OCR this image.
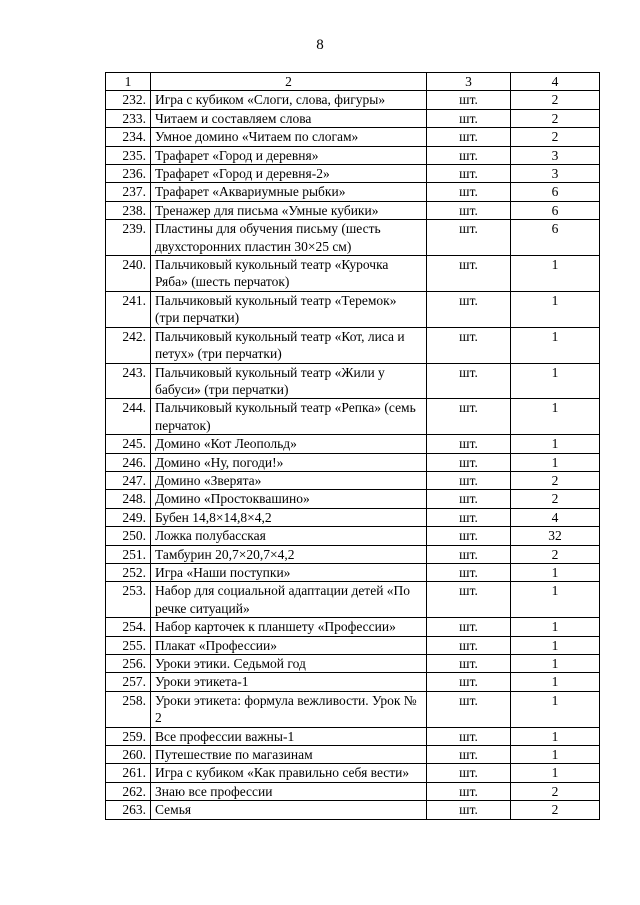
8
1	2	3	4
232.	Игра с кубиком «Слоги, слова, фигуры»	шт.	2
233.	Читаем и составляем слова	шт.	2
234.	Умное домино «Читаем по слогам»	шт.	2
235.	Трафарет «Город и деревня»	шт.	3
236.	Трафарет «Город и деревня-2»	шт.	3
237.	Трафарет «Аквариумные рыбки»	шт.	6
238.	Тренажер для письма «Умные кубики»	шт.	6
239.	Пластины для обучения письму (шесть двухсторонних пластин 30×25 см)	шт.	6
240.	Пальчиковый кукольный театр «Курочка Ряба» (шесть перчаток)	шт.	1
241.	Пальчиковый кукольный театр «Теремок» (три перчатки)	шт.	1
242.	Пальчиковый кукольный театр «Кот, лиса и петух» (три перчатки)	шт.	1
243.	Пальчиковый кукольный театр «Жили у бабуси» (три перчатки)	шт.	1
244.	Пальчиковый кукольный театр «Репка» (семь перчаток)	шт.	1
245.	Домино «Кот Леопольд»	шт.	1
246.	Домино «Ну, погоди!»	шт.	1
247.	Домино «Зверята»	шт.	2
248.	Домино «Простоквашино»	шт.	2
249.	Бубен 14,8×14,8×4,2	шт.	4
250.	Ложка полубасская	шт.	32
251.	Тамбурин 20,7×20,7×4,2	шт.	2
252.	Игра «Наши поступки»	шт.	1
253.	Набор для социальной адаптации детей «По речке ситуаций»	шт.	1
254.	Набор карточек к планшету «Профессии»	шт.	1
255.	Плакат «Профессии»	шт.	1
256.	Уроки этики. Седьмой год	шт.	1
257.	Уроки этикета-1	шт.	1
258.	Уроки этикета: формула вежливости. Урок № 2	шт.	1
259.	Все профессии важны-1	шт.	1
260.	Путешествие по магазинам	шт.	1
261.	Игра с кубиком «Как правильно себя вести»	шт.	1
262.	Знаю все профессии	шт.	2
263.	Семья	шт.	2
